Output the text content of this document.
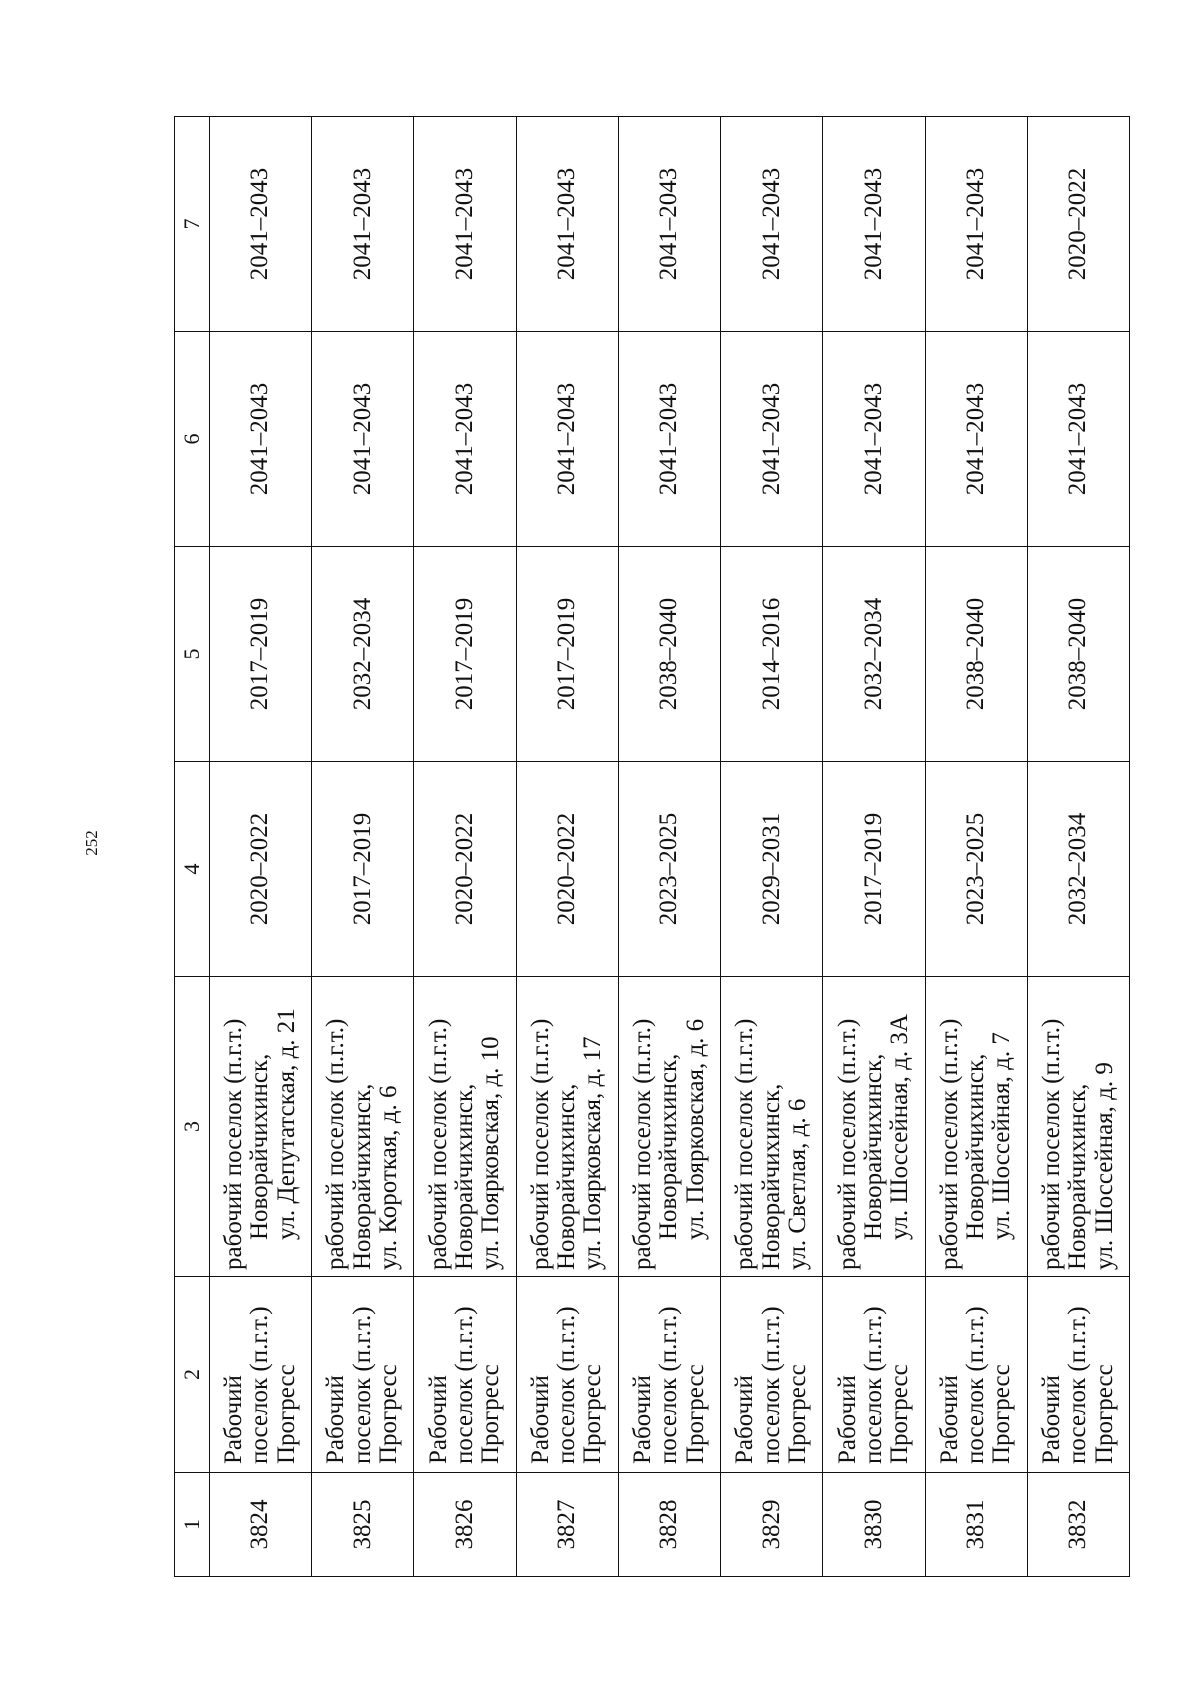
252
1	2	3	4	5	6	7
3824	Рабочий поселок (п.г.т.) Прогресс	рабочий поселок (п.г.т.) Новорайчихинск, ул. Депутатская, д. 21	2020–2022	2017–2019	2041–2043	2041–2043
3825	Рабочий поселок (п.г.т.) Прогресс	рабочий поселок (п.г.т.) Новорайчихинск, ул. Короткая, д. 6	2017–2019	2032–2034	2041–2043	2041–2043
3826	Рабочий поселок (п.г.т.) Прогресс	рабочий поселок (п.г.т.) Новорайчихинск, ул. Поярковская, д. 10	2020–2022	2017–2019	2041–2043	2041–2043
3827	Рабочий поселок (п.г.т.) Прогресс	рабочий поселок (п.г.т.) Новорайчихинск, ул. Поярковская, д. 17	2020–2022	2017–2019	2041–2043	2041–2043
3828	Рабочий поселок (п.г.т.) Прогресс	рабочий поселок (п.г.т.) Новорайчихинск, ул. Поярковская, д. 6	2023–2025	2038–2040	2041–2043	2041–2043
3829	Рабочий поселок (п.г.т.) Прогресс	рабочий поселок (п.г.т.) Новорайчихинск, ул. Светлая, д. 6	2029–2031	2014–2016	2041–2043	2041–2043
3830	Рабочий поселок (п.г.т.) Прогресс	рабочий поселок (п.г.т.) Новорайчихинск, ул. Шоссейная, д. 3А	2017–2019	2032–2034	2041–2043	2041–2043
3831	Рабочий поселок (п.г.т.) Прогресс	рабочий поселок (п.г.т.) Новорайчихинск, ул. Шоссейная, д. 7	2023–2025	2038–2040	2041–2043	2041–2043
3832	Рабочий поселок (п.г.т.) Прогресс	рабочий поселок (п.г.т.) Новорайчихинск, ул. Шоссейная, д. 9	2032–2034	2038–2040	2041–2043	2020–2022
